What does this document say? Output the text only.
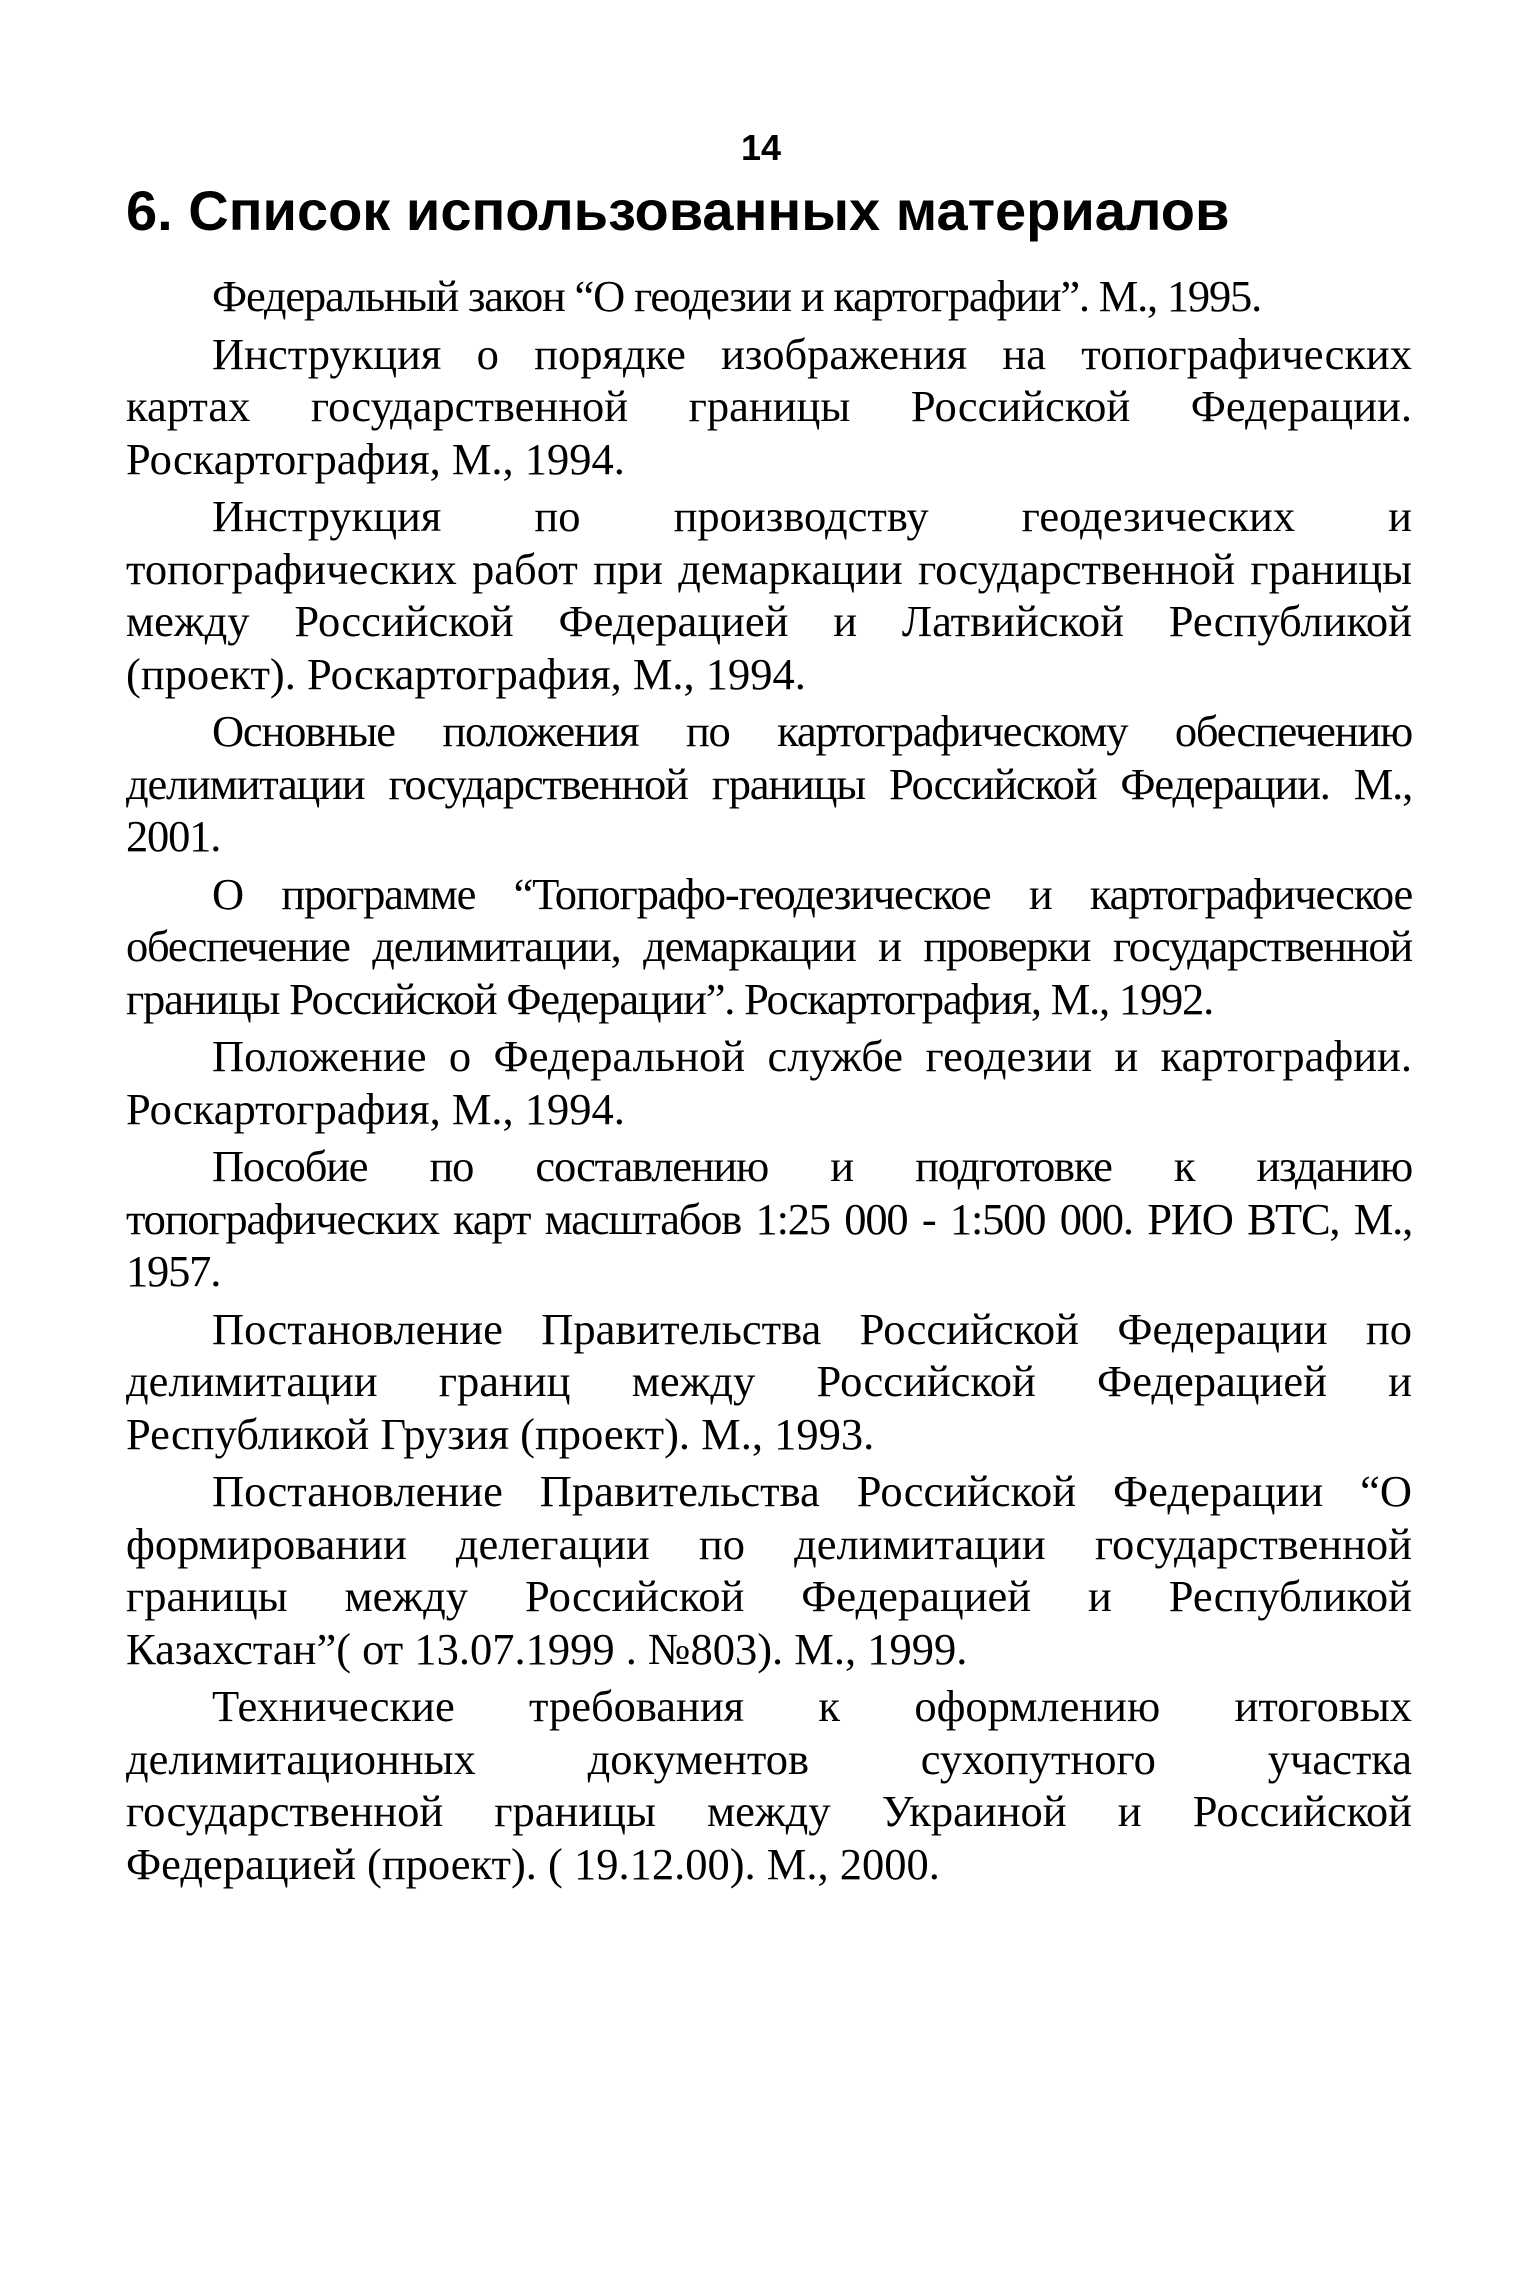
14
6. Список использованных материалов

Федеральный закон “О геодезии и картографии”. М., 1995.

Инструкция о порядке изображения на топографических картах государственной границы Российской Федерации. Роскартография, М., 1994.

Инструкция по производству геодезических и топографических работ при демаркации государственной границы между Российской Федерацией и Латвийской Республикой (проект). Роскартография, М., 1994.

Основные положения по картографическому обеспечению делимитации государственной границы Российской Федерации. М., 2001.

О программе “Топографо-геодезическое и картографическое обеспечение делимитации, демаркации и проверки государственной границы Российской Федерации”. Роскартография, М., 1992.

Положение о Федеральной службе геодезии и картографии. Роскартография, М., 1994.

Пособие по составлению и подготовке к изданию топографических карт масштабов 1:25 000 - 1:500 000. РИО ВТС, М., 1957.

Постановление Правительства Российской Федерации по делимитации границ между Российской Федерацией и Республикой Грузия (проект). М., 1993.

Постановление Правительства Российской Федерации “О формировании делегации по делимитации государственной границы между Российской Федерацией и Республикой Казахстан”( от 13.07.1999 . №803). М., 1999.

Технические требования к оформлению итоговых делимитационных документов сухопутного участка государственной границы между Украиной и Российской Федерацией (проект). ( 19.12.00). М., 2000.
